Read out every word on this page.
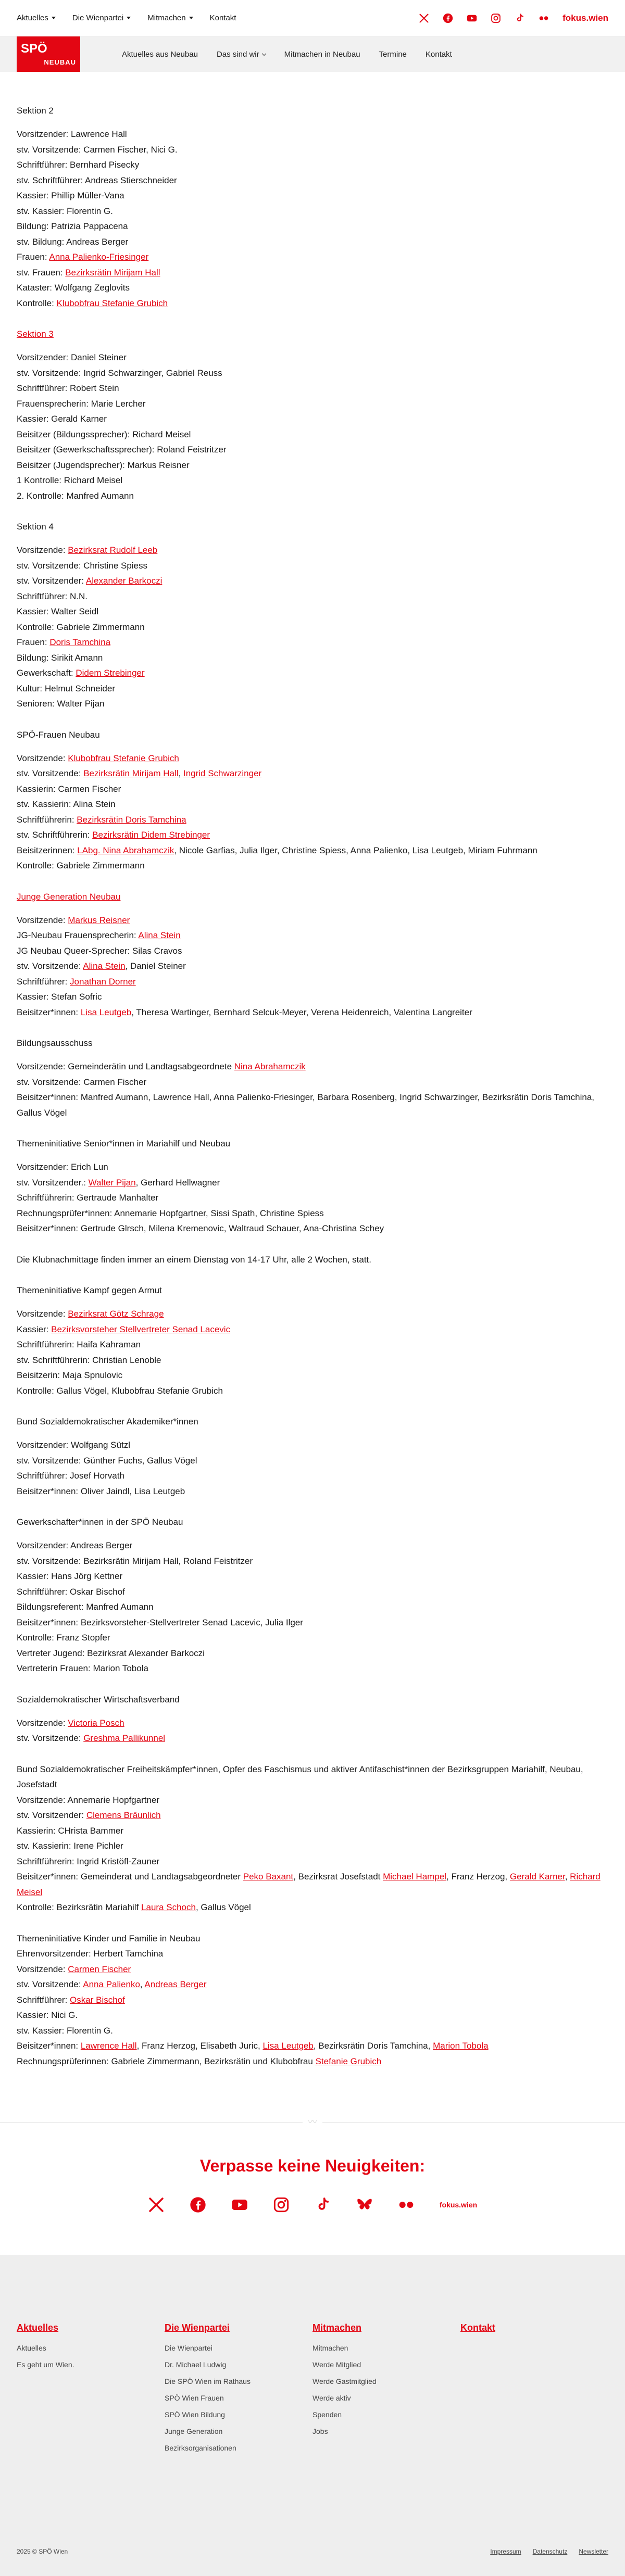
Aktuelles	Die Wienpartei	Mitmachen	Kontakt	fokus.wien
SPÖ
NEUBAU
Aktuelles aus Neubau Das sind wir	Mitmachen in Neubau Termine Kontakt
Sektion 2
Vorsitzender: Lawrence Hall
stv. Vorsitzende: Carmen Fischer, Nici G.
Schriftführer: Bernhard Pisecky
stv. Schriftführer: Andreas Stierschneider
Kassier: Phillip Müller-Vana
stv. Kassier: Florentin G.
Bildung: Patrizia Pappacena
stv. Bildung: Andreas Berger
Frauen: Anna Palienko-Friesinger
stv. Frauen: Bezirksrätin Mirijam Hall
Kataster: Wolfgang Zeglovits
Kontrolle: Klubobfrau Stefanie Grubich
Sektion 3
Vorsitzender: Daniel Steiner
stv. Vorsitzende: Ingrid Schwarzinger, Gabriel Reuss
Schriftführer: Robert Stein
Frauensprecherin: Marie Lercher
Kassier: Gerald Karner
Beisitzer (Bildungssprecher): Richard Meisel
Beisitzer (Gewerkschaftssprecher): Roland Feistritzer
Beisitzer (Jugendsprecher): Markus Reisner
1 Kontrolle: Richard Meisel
2. Kontrolle: Manfred Aumann
Sektion 4
Vorsitzende: Bezirksrat Rudolf Leeb
stv. Vorsitzende: Christine Spiess
stv. Vorsitzender: Alexander Barkoczi
Schriftführer: N.N.
Kassier: Walter Seidl
Kontrolle: Gabriele Zimmermann
Frauen: Doris Tamchina
Bildung: Sirikit Amann
Gewerkschaft: Didem Strebinger
Kultur: Helmut Schneider
Senioren: Walter Pijan
SPÖ-Frauen Neubau
Vorsitzende: Klubobfrau Stefanie Grubich
stv. Vorsitzende: Bezirksrätin Mirijam Hall, Ingrid Schwarzinger
Kassierin: Carmen Fischer
stv. Kassierin: Alina Stein
Schriftführerin: Bezirksrätin Doris Tamchina
stv. Schriftführerin: Bezirksrätin Didem Strebinger
Beisitzerinnen: LAbg. Nina Abrahamczik, Nicole Garfias, Julia Ilger, Christine Spiess, Anna Palienko, Lisa Leutgeb, Miriam Fuhrmann
Kontrolle: Gabriele Zimmermann
Junge Generation Neubau
Vorsitzende: Markus Reisner
JG-Neubau Frauensprecherin: Alina Stein
JG Neubau Queer-Sprecher: Silas Cravos
stv. Vorsitzende: Alina Stein, Daniel Steiner
Schriftführer: Jonathan Dorner
Kassier: Stefan Sofric
Beisitzer*innen: Lisa Leutgeb, Theresa Wartinger, Bernhard Selcuk-Meyer, Verena Heidenreich, Valentina Langreiter
Bildungsausschuss
Vorsitzende: Gemeinderätin und Landtagsabgeordnete Nina Abrahamczik
stv. Vorsitzende: Carmen Fischer
Beisitzer*innen: Manfred Aumann, Lawrence Hall, Anna Palienko-Friesinger, Barbara Rosenberg, Ingrid Schwarzinger, Bezirksrätin Doris Tamchina, Gallus Vögel
Themeninitiative Senior*innen in Mariahilf und Neubau
Vorsitzender: Erich Lun
stv. Vorsitzender.: Walter Pijan, Gerhard Hellwagner
Schriftführerin: Gertraude Manhalter
Rechnungsprüfer*innen: Annemarie Hopfgartner, Sissi Spath, Christine Spiess
Beisitzer*innen: Gertrude Glrsch, Milena Kremenovic, Waltraud Schauer, Ana-Christina Schey

Die Klubnachmittage finden immer an einem Dienstag von 14-17 Uhr, alle 2 Wochen, statt.

Themeninitiative Kampf gegen Armut
Vorsitzende: Bezirksrat Götz Schrage
Kassier: Bezirksvorsteher Stellvertreter Senad Lacevic
Schriftführerin: Haifa Kahraman
stv. Schriftführerin: Christian Lenoble
Beisitzerin: Maja Spnulovic
Kontrolle: Gallus Vögel, Klubobfrau Stefanie Grubich
Bund Sozialdemokratischer Akademiker*innen
Vorsitzender: Wolfgang Sützl
stv. Vorsitzende: Günther Fuchs, Gallus Vögel
Schriftführer: Josef Horvath
Beisitzer*innen: Oliver Jaindl, Lisa Leutgeb
Gewerkschafter*innen in der SPÖ Neubau
Vorsitzender: Andreas Berger
stv. Vorsitzende: Bezirksrätin Mirijam Hall, Roland Feistritzer
Kassier: Hans Jörg Kettner
Schriftführer: Oskar Bischof
Bildungsreferent: Manfred Aumann
Beisitzer*innen: Bezirksvorsteher-Stellvertreter Senad Lacevic, Julia Ilger
Kontrolle: Franz Stopfer
Vertreter Jugend: Bezirksrat Alexander Barkoczi
Vertreterin Frauen: Marion Tobola
Sozialdemokratischer Wirtschaftsverband
Vorsitzende: Victoria Posch
stv. Vorsitzende: Greshma Pallikunnel
Bund Sozialdemokratischer Freiheitskämpfer*innen, Opfer des Faschismus und aktiver Antifaschist*innen der Bezirksgruppen Mariahilf, Neubau, Josefstadt
Vorsitzende: Annemarie Hopfgartner
stv. Vorsitzender: Clemens Bräunlich
Kassierin: CHrista Bammer
stv. Kassierin: Irene Pichler
Schriftführerin: Ingrid Kristöfl-Zauner
Beisitzer*innen: Gemeinderat und Landtagsabgeordneter Peko Baxant, Bezirksrat Josefstadt Michael Hampel, Franz Herzog, Gerald Karner, Richard Meisel
Kontrolle: Bezirksrätin Mariahilf Laura Schoch, Gallus Vögel
Themeninitiative Kinder und Familie in Neubau
Ehrenvorsitzender: Herbert Tamchina
Vorsitzende: Carmen Fischer
stv. Vorsitzende: Anna Palienko, Andreas Berger
Schriftführer: Oskar Bischof
Kassier: Nici G.
stv. Kassier: Florentin G.
Beisitzer*innen: Lawrence Hall, Franz Herzog, Elisabeth Juric, Lisa Leutgeb, Bezirksrätin Doris Tamchina, Marion Tobola
Rechnungsprüferinnen: Gabriele Zimmermann, Bezirksrätin und Klubobfrau Stefanie Grubich
〰
Verpasse keine Neuigkeiten:
fokus.wien
Aktuelles
Aktuelles
Es geht um Wien.
Die Wienpartei
Die Wienpartei
Dr. Michael Ludwig
Die SPÖ Wien im Rathaus
SPÖ Wien Frauen
SPÖ Wien Bildung
Junge Generation
Bezirksorganisationen
Mitmachen
Mitmachen
Werde Mitglied
Werde Gastmitglied
Werde aktiv
Spenden
Jobs
Kontakt
2025 © SPÖ Wien	Impressum Datenschutz Newsletter
